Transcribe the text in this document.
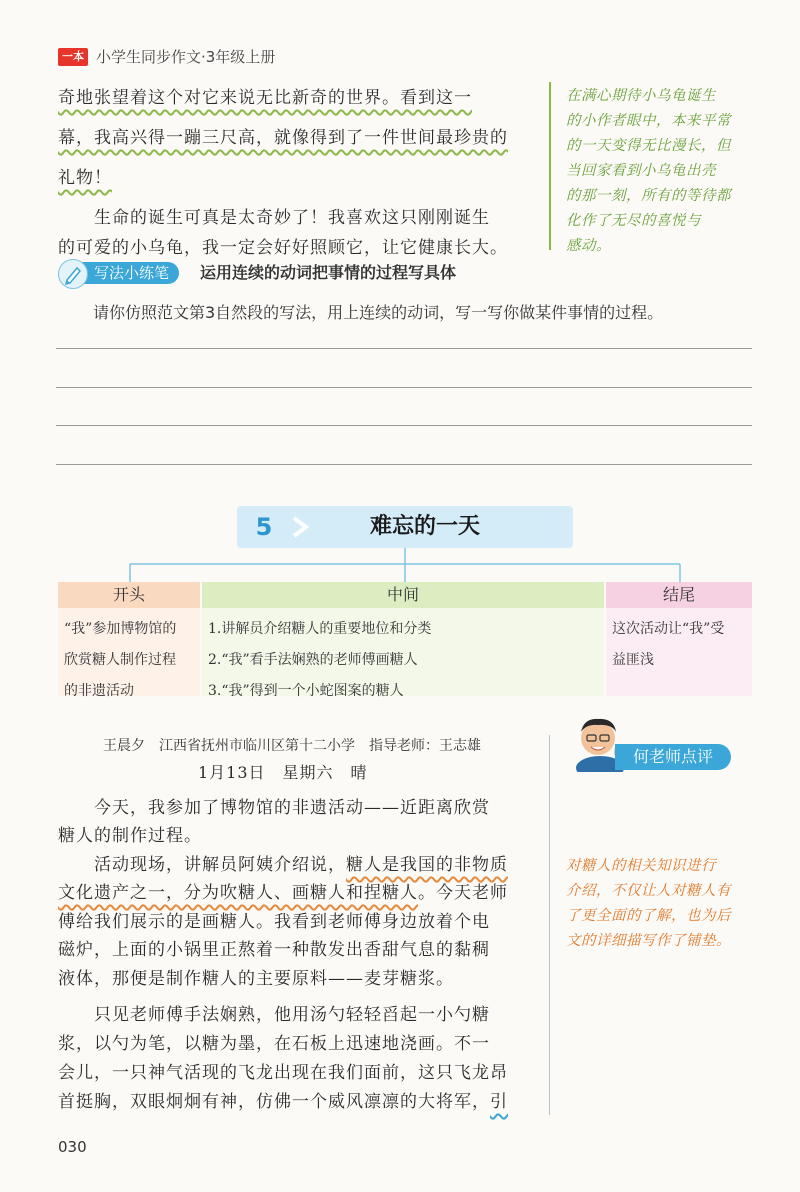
一本 小学生同步作文·3年级上册
奇地张望着这个对它来说无比新奇的世界。看到这一
幕，我高兴得一蹦三尺高，就像得到了一件世间最珍贵的
礼物！
　　生命的诞生可真是太奇妙了！我喜欢这只刚刚诞生
的可爱的小乌龟，我一定会好好照顾它，让它健康长大。
在满心期待小乌龟诞生
的小作者眼中，本来平常
的一天变得无比漫长，但
当回家看到小乌龟出壳
的那一刻，所有的等待都
化作了无尽的喜悦与
感动。
写法小练笔	运用连续的动词把事情的过程写具体
请你仿照范文第3自然段的写法，用上连续的动词，写一写你做某件事情的过程。
5	难忘的一天
开头
“我”参加博物馆的
欣赏糖人制作过程
的非遗活动
中间
1.讲解员介绍糖人的重要地位和分类
2.“我”看手法娴熟的老师傅画糖人
3.“我”得到一个小蛇图案的糖人
结尾
这次活动让“我”受
益匪浅
何老师点评
对糖人的相关知识进行
介绍，不仅让人对糖人有
了更全面的了解，也为后
文的详细描写作了铺垫。
王晨夕　江西省抚州市临川区第十二小学　指导老师：王志雄
1月13日　星期六　晴
　　今天，我参加了博物馆的非遗活动——近距离欣赏
糖人的制作过程。
　　活动现场，讲解员阿姨介绍说，糖人是我国的非物质
文化遗产之一，分为吹糖人、画糖人和捏糖人。今天老师
傅给我们展示的是画糖人。我看到老师傅身边放着个电
磁炉，上面的小锅里正熬着一种散发出香甜气息的黏稠
液体，那便是制作糖人的主要原料——麦芽糖浆。
　　只见老师傅手法娴熟，他用汤勺轻轻舀起一小勺糖
浆，以勺为笔，以糖为墨，在石板上迅速地浇画。不一
会儿，一只神气活现的飞龙出现在我们面前，这只飞龙昂
首挺胸，双眼炯炯有神，仿佛一个威风凛凛的大将军，引
030
